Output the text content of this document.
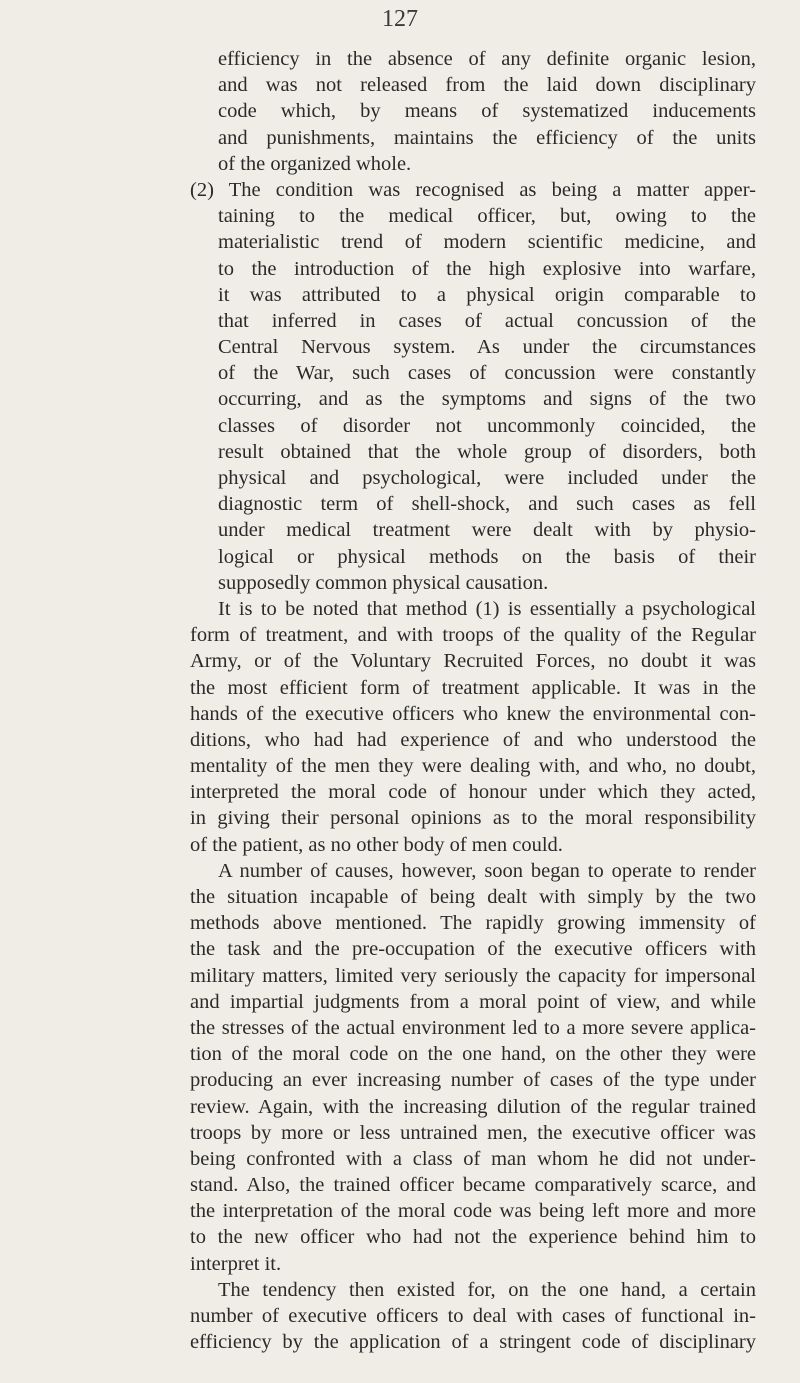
127
efficiency in the absence of any definite organic lesion,
and was not released from the laid down disciplinary
code which, by means of systematized inducements
and punishments, maintains the efficiency of the units
of the organized whole.
(2) The condition was recognised as being a matter apper-
taining to the medical officer, but, owing to the
materialistic trend of modern scientific medicine, and
to the introduction of the high explosive into warfare,
it was attributed to a physical origin comparable to
that inferred in cases of actual concussion of the
Central Nervous system. As under the circumstances
of the War, such cases of concussion were constantly
occurring, and as the symptoms and signs of the two
classes of disorder not uncommonly coincided, the
result obtained that the whole group of disorders, both
physical and psychological, were included under the
diagnostic term of shell-shock, and such cases as fell
under medical treatment were dealt with by physio-
logical or physical methods on the basis of their
supposedly common physical causation.
It is to be noted that method (1) is essentially a psychological
form of treatment, and with troops of the quality of the Regular
Army, or of the Voluntary Recruited Forces, no doubt it was
the most efficient form of treatment applicable. It was in the
hands of the executive officers who knew the environmental con-
ditions, who had had experience of and who understood the
mentality of the men they were dealing with, and who, no doubt,
interpreted the moral code of honour under which they acted,
in giving their personal opinions as to the moral responsibility
of the patient, as no other body of men could.
A number of causes, however, soon began to operate to render
the situation incapable of being dealt with simply by the two
methods above mentioned. The rapidly growing immensity of
the task and the pre-occupation of the executive officers with
military matters, limited very seriously the capacity for impersonal
and impartial judgments from a moral point of view, and while
the stresses of the actual environment led to a more severe applica-
tion of the moral code on the one hand, on the other they were
producing an ever increasing number of cases of the type under
review. Again, with the increasing dilution of the regular trained
troops by more or less untrained men, the executive officer was
being confronted with a class of man whom he did not under-
stand. Also, the trained officer became comparatively scarce, and
the interpretation of the moral code was being left more and more
to the new officer who had not the experience behind him to
interpret it.
The tendency then existed for, on the one hand, a certain
number of executive officers to deal with cases of functional in-
efficiency by the application of a stringent code of disciplinary
